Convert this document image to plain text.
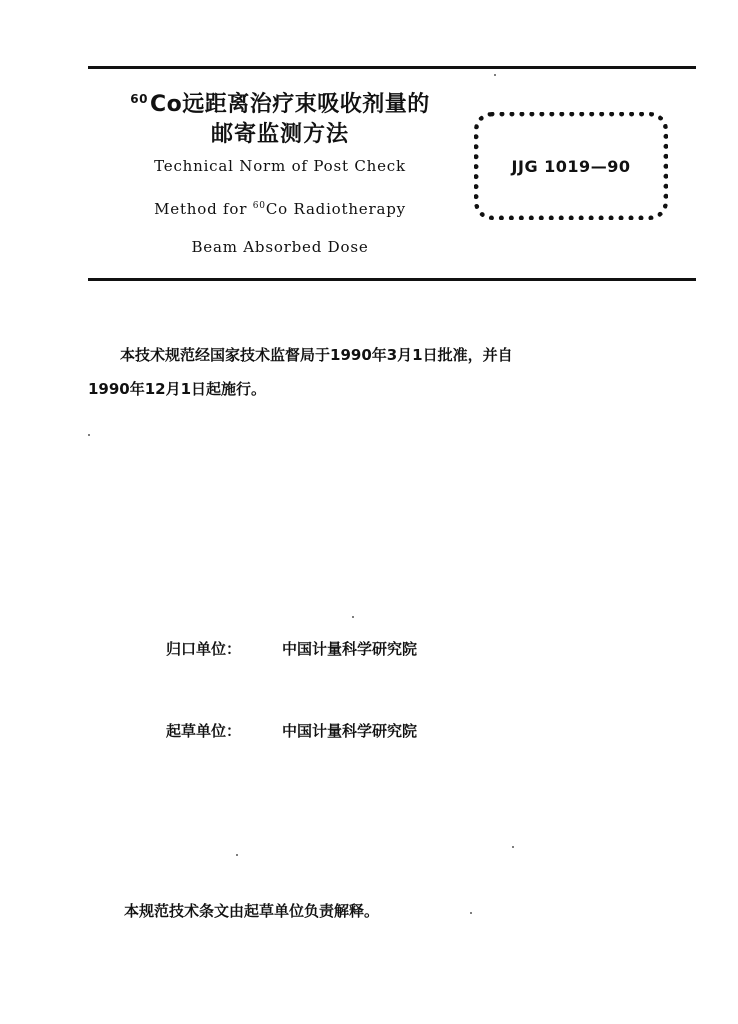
$^{60}$Co远距离治疗束吸收剂量的

邮寄监测方法

Technical Norm of Post Check

Method for $^{60}$Co Radiotherapy

Beam Absorbed Dose

JJG 1019—90

本技术规范经国家技术监督局于1990年3月1日批准，并自
1990年12月1日起施行。

归口单位：	中国计量科学研究院
起草单位：	中国计量科学研究院
本规范技术条文由起草单位负责解释。
